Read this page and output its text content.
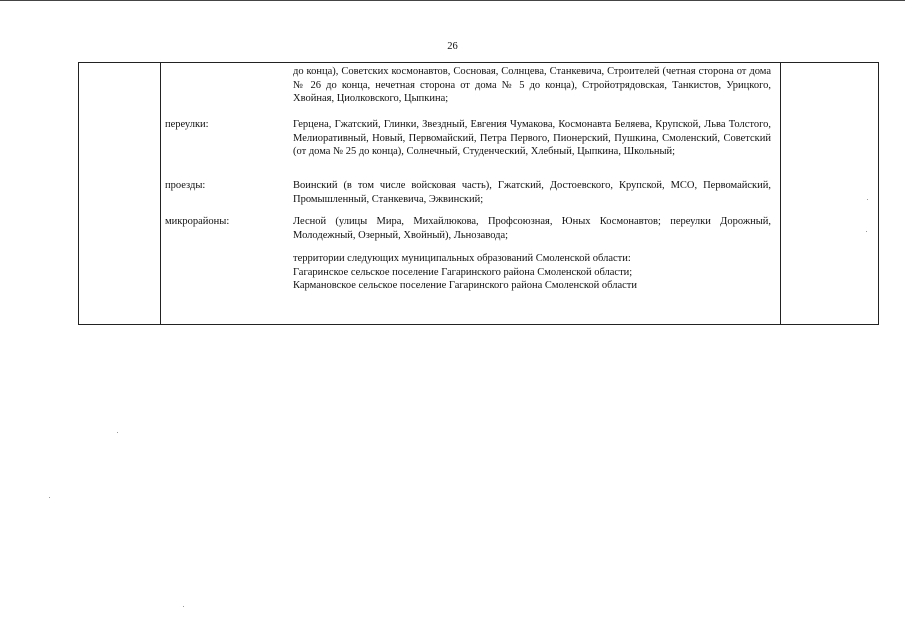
26
до конца), Советских космонавтов, Сосновая, Солнцева, Станкевича, Строителей (четная сторона от дома № 26 до конца, нечетная сторона от дома № 5 до конца), Стройотрядовская, Танкистов, Урицкого, Хвойная, Циолковского, Цыпкина;
переулки:	Герцена, Гжатский, Глинки, Звездный, Евгения Чумакова, Космонавта Беляева, Крупской, Льва Толстого, Мелиоративный, Новый, Первомайский, Петра Первого, Пионерский, Пушкина, Смоленский, Советский (от дома № 25 до конца), Солнечный, Студенческий, Хлебный, Цыпкина, Школьный;
проезды:	Воинский (в том числе войсковая часть), Гжатский, Достоевского, Крупской, МСО, Первомайский, Промышленный, Станкевича, Эжвинский;
микрорайоны:	Лесной (улицы Мира, Михайлюкова, Профсоюзная, Юных Космонавтов; переулки Дорожный, Молодежный, Озерный, Хвойный), Льнозавода;
территории следующих муниципальных образований Смоленской области:
Гагаринское сельское поселение Гагаринского района Смоленской области;
Кармановское сельское поселение Гагаринского района Смоленской области
